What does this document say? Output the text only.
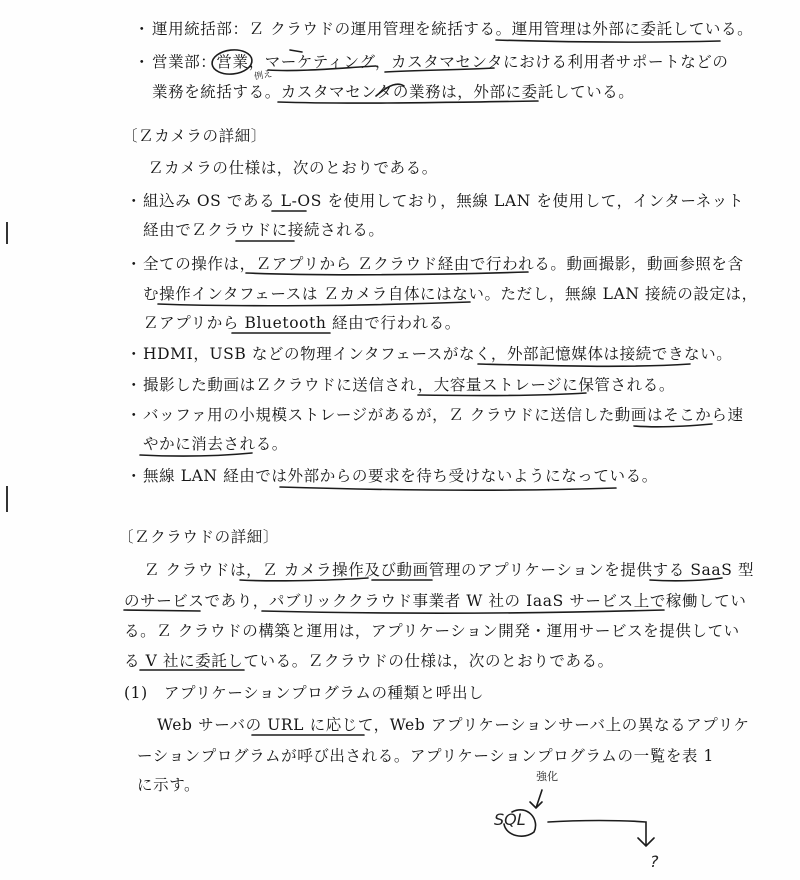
・ 運用統括部：Ｚ クラウドの運用管理を統括する。運用管理は外部に委託している。
・ 営業部：営業，マーケティング，カスタマセンタにおける利用者サポートなどの
業務を統括する。カスタマセンタの業務は，外部に委託している。
〔Ｚカメラの詳細〕
Ｚカメラの仕様は，次のとおりである。
・ 組込み OS である L-OS を使用しており，無線 LAN を使用して，インターネット
経由でＺクラウドに接続される。
・ 全ての操作は，Ｚアプリから Ｚクラウド経由で行われる。動画撮影，動画参照を含
む操作インタフェースは Ｚカメラ自体にはない。ただし，無線 LAN 接続の設定は，
Ｚアプリから Bluetooth 経由で行われる。
・ HDMI，USB などの物理インタフェースがなく，外部記憶媒体は接続できない。
・ 撮影した動画はＺクラウドに送信され，大容量ストレージに保管される。
・ バッファ用の小規模ストレージがあるが，Ｚ クラウドに送信した動画はそこから速
やかに消去される。
・ 無線 LAN 経由では外部からの要求を待ち受けないようになっている。
〔Ｚクラウドの詳細〕
Ｚ クラウドは，Ｚ カメラ操作及び動画管理のアプリケーションを提供する SaaS 型
のサービスであり，パブリッククラウド事業者 W 社の IaaS サービス上で稼働してい
る。Ｚ クラウドの構築と運用は，アプリケーション開発・運用サービスを提供してい
る V 社に委託している。Ｚクラウドの仕様は，次のとおりである。
(1)　アプリケーションプログラムの種類と呼出し
Web サーバの URL に応じて，Web アプリケーションサーバ上の異なるアプリケ
ーションプログラムが呼び出される。アプリケーションプログラムの一覧を表 1
に示す。
例え
強化
SQL
?
